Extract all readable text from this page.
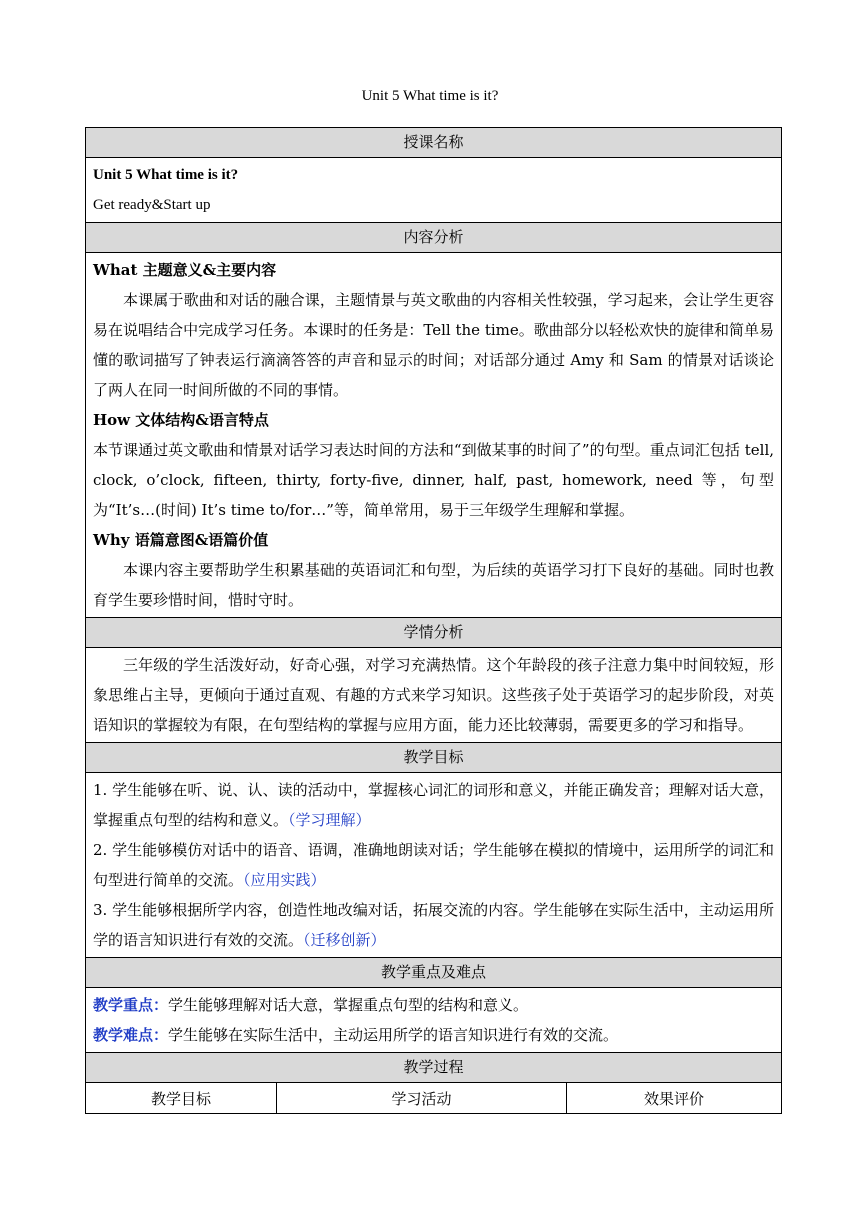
Unit 5 What time is it?
授课名称

Unit 5 What time is it?

Get ready&Start up

内容分析

What 主题意义&主要内容

本课属于歌曲和对话的融合课，主题情景与英文歌曲的内容相关性较强，学习起来，会让学生更容易在说唱结合中完成学习任务。本课时的任务是：Tell the time。歌曲部分以轻松欢快的旋律和简单易懂的歌词描写了钟表运行滴滴答答的声音和显示的时间；对话部分通过 Amy 和 Sam 的情景对话谈论了两人在同一时间所做的不同的事情。

How 文体结构&语言特点

本节课通过英文歌曲和情景对话学习表达时间的方法和“到做某事的时间了”的句型。重点词汇包括 tell, clock, o’clock, fifteen, thirty, forty-five, dinner, half, past, homework, need 等，句型为“It’s…(时间) It’s time to/for…”等，简单常用，易于三年级学生理解和掌握。

Why 语篇意图&语篇价值

本课内容主要帮助学生积累基础的英语词汇和句型，为后续的英语学习打下良好的基础。同时也教育学生要珍惜时间，惜时守时。

学情分析

三年级的学生活泼好动，好奇心强，对学习充满热情。这个年龄段的孩子注意力集中时间较短，形象思维占主导，更倾向于通过直观、有趣的方式来学习知识。这些孩子处于英语学习的起步阶段，对英语知识的掌握较为有限，在句型结构的掌握与应用方面，能力还比较薄弱，需要更多的学习和指导。

教学目标

1. 学生能够在听、说、认、读的活动中，掌握核心词汇的词形和意义，并能正确发音；理解对话大意，掌握重点句型的结构和意义。（学习理解）

2. 学生能够模仿对话中的语音、语调，准确地朗读对话；学生能够在模拟的情境中，运用所学的词汇和句型进行简单的交流。（应用实践）

3. 学生能够根据所学内容，创造性地改编对话，拓展交流的内容。学生能够在实际生活中，主动运用所学的语言知识进行有效的交流。（迁移创新）

教学重点及难点

教学重点：学生能够理解对话大意，掌握重点句型的结构和意义。

教学难点：学生能够在实际生活中，主动运用所学的语言知识进行有效的交流。

教学过程
教学目标	学习活动	效果评价
